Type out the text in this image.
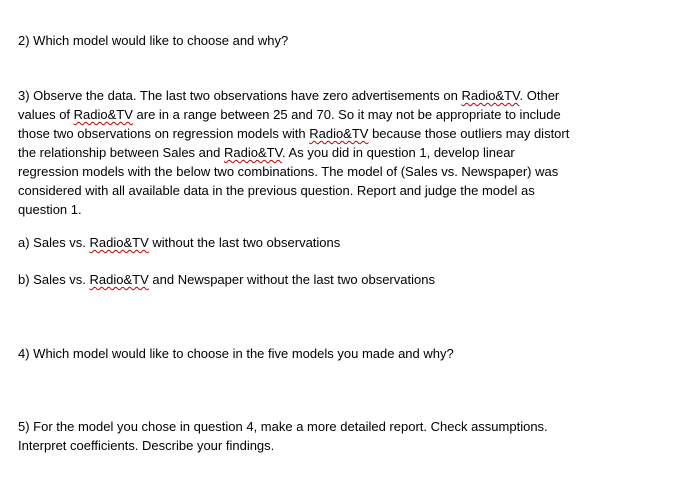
2) Which model would like to choose and why?
3) Observe the data. The last two observations have zero advertisements on Radio&TV. Other
values of Radio&TV are in a range between 25 and 70. So it may not be appropriate to include
those two observations on regression models with Radio&TV because those outliers may distort
the relationship between Sales and Radio&TV. As you did in question 1, develop linear
regression models with the below two combinations. The model of (Sales vs. Newspaper) was
considered with all available data in the previous question. Report and judge the model as
question 1.
a) Sales vs. Radio&TV without the last two observations
b) Sales vs. Radio&TV and Newspaper without the last two observations
4) Which model would like to choose in the five models you made and why?
5) For the model you chose in question 4, make a more detailed report. Check assumptions.
Interpret coefficients. Describe your findings.
